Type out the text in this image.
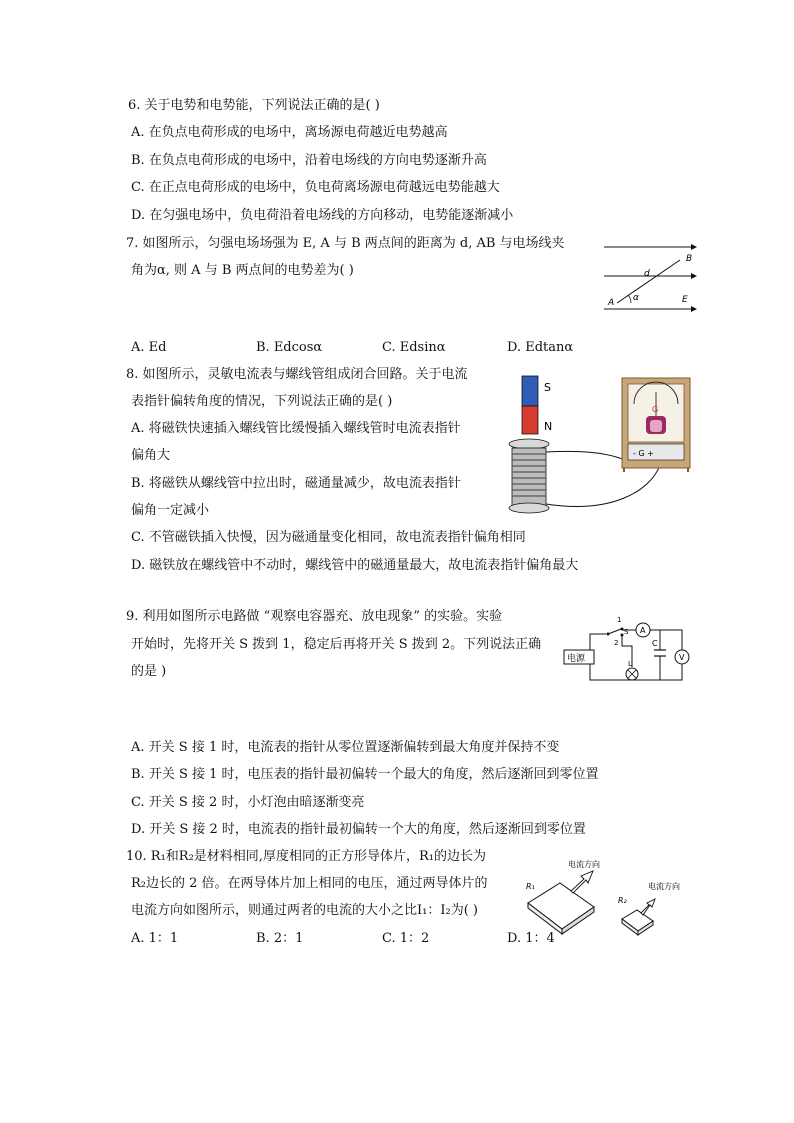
6. 关于电势和电势能，下列说法正确的是( )
A. 在负点电荷形成的电场中，离场源电荷越近电势越高
B. 在负点电荷形成的电场中，沿着电场线的方向电势逐渐升高
C. 在正点电荷形成的电场中，负电荷离场源电荷越远电势能越大
D. 在匀强电场中，负电荷沿着电场线的方向移动，电势能逐渐减小
7. 如图所示，匀强电场场强为 E, A 与 B 两点间的距离为 d, AB 与电场线夹
角为α, 则 A 与 B 两点间的电势差为( )
B
d
A α	E
A. Ed	B. Edcosα	C. Edsinα	D. Edtanα
8. 如图所示，灵敏电流表与螺线管组成闭合回路。关于电流
表指针偏转角度的情况，下列说法正确的是( )
A. 将磁铁快速插入螺线管比缓慢插入螺线管时电流表指针
偏角大
B. 将磁铁从螺线管中拉出时，磁通量减少，故电流表指针
偏角一定减小
C. 不管磁铁插入快慢，因为磁通量变化相同，故电流表指针偏角相同
D. 磁铁放在螺线管中不动时，螺线管中的磁通量最大，故电流表指针偏角最大
S
N
G
- G +
9. 利用如图所示电路做 “观察电容器充、放电现象” 的实验。实验
开始时，先将开关 S 拨到 1，稳定后再将开关 S 拨到 2。下列说法正确
的是 )
1
S
2
A
C
V
电源	L
A. 开关 S 接 1 时，电流表的指针从零位置逐渐偏转到最大角度并保持不变
B. 开关 S 接 1 时，电压表的指针最初偏转一个最大的角度，然后逐渐回到零位置
C. 开关 S 接 2 时，小灯泡由暗逐渐变亮
D. 开关 S 接 2 时，电流表的指针最初偏转一个大的角度，然后逐渐回到零位置
10. R₁和R₂是材料相同,厚度相同的正方形导体片，R₁的边长为
R₂边长的 2 倍。在两导体片加上相同的电压，通过两导体片的
电流方向如图所示，则通过两者的电流的大小之比I₁：I₂为( )
A. 1：1	B. 2：1	C. 1：2	D. 1：4
电流方向
R₁	电流方向
R₂
